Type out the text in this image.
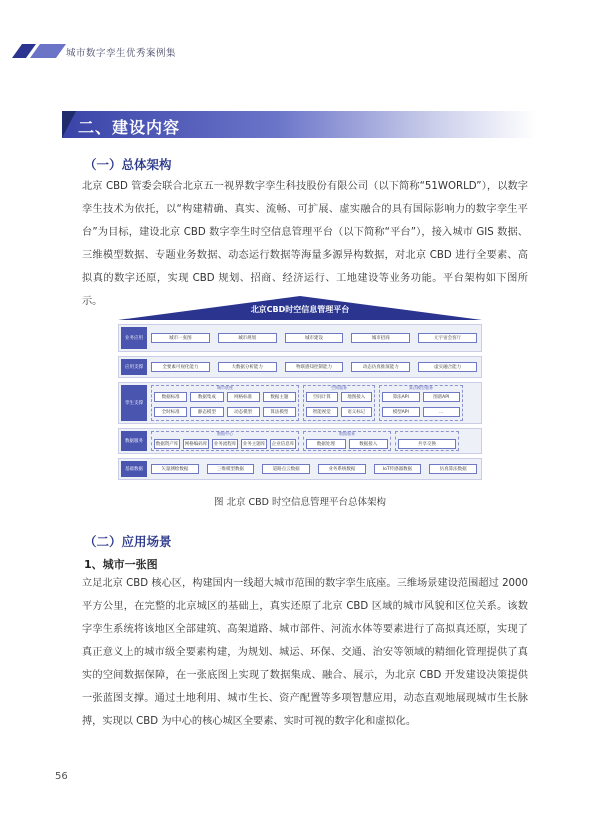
城市数字孪生优秀案例集
二、建设内容
（一）总体架构
北京 CBD 管委会联合北京五一视界数字孪生科技股份有限公司（以下简称“51WORLD”），以数字孪生技术为依托，以“构建精确、真实、流畅、可扩展、虚实融合的具有国际影响力的数字孪生平台”为目标，建设北京 CBD 数字孪生时空信息管理平台（以下简称“平台”），接入城市 GIS 数据、三维模型数据、专题业务数据、动态运行数据等海量多源异构数据，对北京 CBD 进行全要素、高拟真的数字还原，实现 CBD 规划、招商、经济运行、工地建设等业务功能。平台架构如下图所示。
北京CBD时空信息管理平台
业务应用	城市一张图	城市规划	城市建设	城市招商	元宇宙会客厅
应用支撑	全要素可视化能力	大数据分析能力	物联感知控制能力	动态仿真推演能力	虚实融合能力
孪生支撑
城市底座
数据标准	数据集成	网格标准	数据主题
全时标准	静态模型	动态模型	算法模型
空间服务
空间计算	地图接入
智能视觉	语义标记
算法模型服务
算法API	图谱API
模型API	...
数据服务
数据中心
数据资产库	网格编码库	业务流程库	业务主题库	企业信息库
数据服务
数据处理	数据接入	共享交换
基础数据	矢量测绘数据	三维模型数据	道路点云数据	业务系统数据	IoT传感器数据	仿真算法数据
图 北京 CBD 时空信息管理平台总体架构
（二）应用场景
1、城市一张图
立足北京 CBD 核心区，构建国内一线超大城市范围的数字孪生底座。三维场景建设范围超过 2000 平方公里，在完整的北京城区的基础上，真实还原了北京 CBD 区域的城市风貌和区位关系。该数字孪生系统将该地区全部建筑、高架道路、城市部件、河流水体等要素进行了高拟真还原，实现了真正意义上的城市级全要素构建，为规划、城运、环保、交通、治安等领域的精细化管理提供了真实的空间数据保障，在一张底图上实现了数据集成、融合、展示，为北京 CBD 开发建设决策提供一张蓝图支撑。通过土地利用、城市生长、资产配置等多项智慧应用，动态直观地展现城市生长脉搏，实现以 CBD 为中心的核心城区全要素、实时可视的数字化和虚拟化。
56
